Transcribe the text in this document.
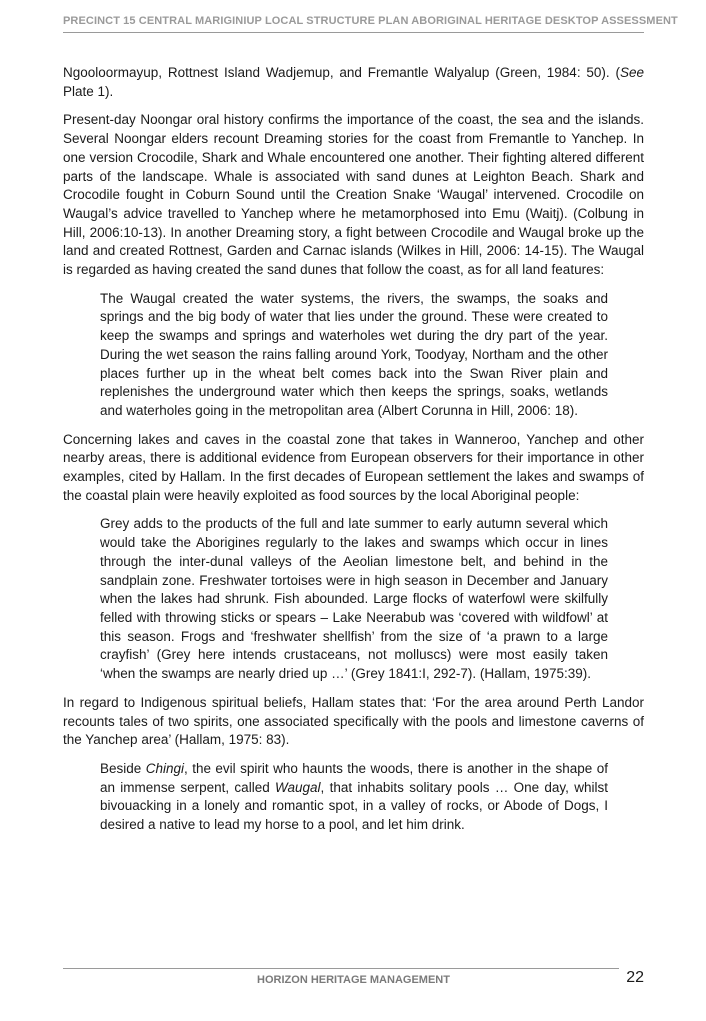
PRECINCT 15 CENTRAL MARIGINIUP LOCAL STRUCTURE PLAN ABORIGINAL HERITAGE DESKTOP ASSESSMENT

Ngooloormayup, Rottnest Island Wadjemup, and Fremantle Walyalup (Green, 1984: 50). (See Plate 1).

Present-day Noongar oral history confirms the importance of the coast, the sea and the islands. Several Noongar elders recount Dreaming stories for the coast from Fremantle to Yanchep. In one version Crocodile, Shark and Whale encountered one another. Their fighting altered different parts of the landscape. Whale is associated with sand dunes at Leighton Beach. Shark and Crocodile fought in Coburn Sound until the Creation Snake ‘Waugal’ intervened. Crocodile on Waugal’s advice travelled to Yanchep where he metamorphosed into Emu (Waitj). (Colbung in Hill, 2006:10-13). In another Dreaming story, a fight between Crocodile and Waugal broke up the land and created Rottnest, Garden and Carnac islands (Wilkes in Hill, 2006: 14-15). The Waugal is regarded as having created the sand dunes that follow the coast, as for all land features:

The Waugal created the water systems, the rivers, the swamps, the soaks and springs and the big body of water that lies under the ground. These were created to keep the swamps and springs and waterholes wet during the dry part of the year. During the wet season the rains falling around York, Toodyay, Northam and the other places further up in the wheat belt comes back into the Swan River plain and replenishes the underground water which then keeps the springs, soaks, wetlands and waterholes going in the metropolitan area (Albert Corunna in Hill, 2006: 18).

Concerning lakes and caves in the coastal zone that takes in Wanneroo, Yanchep and other nearby areas, there is additional evidence from European observers for their importance in other examples, cited by Hallam. In the first decades of European settlement the lakes and swamps of the coastal plain were heavily exploited as food sources by the local Aboriginal people:

Grey adds to the products of the full and late summer to early autumn several which would take the Aborigines regularly to the lakes and swamps which occur in lines through the inter-dunal valleys of the Aeolian limestone belt, and behind in the sandplain zone. Freshwater tortoises were in high season in December and January when the lakes had shrunk. Fish abounded. Large flocks of waterfowl were skilfully felled with throwing sticks or spears – Lake Neerabub was ‘covered with wildfowl’ at this season. Frogs and ‘freshwater shellfish’ from the size of ‘a prawn to a large crayfish’ (Grey here intends crustaceans, not molluscs) were most easily taken ‘when the swamps are nearly dried up …’ (Grey 1841:I, 292-7). (Hallam, 1975:39).

In regard to Indigenous spiritual beliefs, Hallam states that: ‘For the area around Perth Landor recounts tales of two spirits, one associated specifically with the pools and limestone caverns of the Yanchep area’ (Hallam, 1975: 83).

Beside Chingi, the evil spirit who haunts the woods, there is another in the shape of an immense serpent, called Waugal, that inhabits solitary pools … One day, whilst bivouacking in a lonely and romantic spot, in a valley of rocks, or Abode of Dogs, I desired a native to lead my horse to a pool, and let him drink.

HORIZON HERITAGE MANAGEMENT	22
